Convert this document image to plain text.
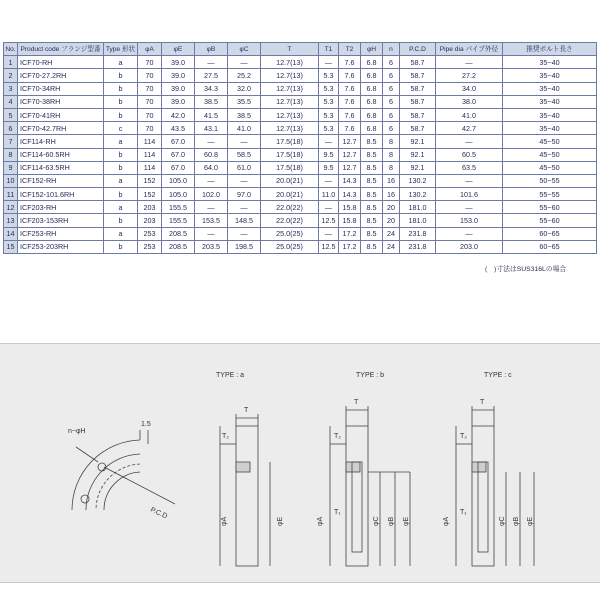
No.	Product code フランジ型番	Type 形状	φA	φE	φB	φC	T	T1	T2	φH	n	P.C.D	Pipe dia パイプ外径	推奨ボルト長さ
1	ICF70-RH	a	70	39.0	—	—	12.7(13)	—	7.6	6.8	6	58.7	—	35~40
2	ICF70-27.2RH	b	70	39.0	27.5	25.2	12.7(13)	5.3	7.6	6.8	6	58.7	27.2	35~40
3	ICF70-34RH	b	70	39.0	34.3	32.0	12.7(13)	5.3	7.6	6.8	6	58.7	34.0	35~40
4	ICF70-38RH	b	70	39.0	38.5	35.5	12.7(13)	5.3	7.6	6.8	6	58.7	38.0	35~40
5	ICF70-41RH	b	70	42.0	41.5	38.5	12.7(13)	5.3	7.6	6.8	6	58.7	41.0	35~40
6	ICF70-42.7RH	c	70	43.5	43.1	41.0	12.7(13)	5.3	7.6	6.8	6	58.7	42.7	35~40
7	ICF114-RH	a	114	67.0	—	—	17.5(18)	—	12.7	8.5	8	92.1	—	45~50
8	ICF114-60.5RH	b	114	67.0	60.8	58.5	17.5(18)	9.5	12.7	8.5	8	92.1	60.5	45~50
9	ICF114-63.5RH	b	114	67.0	64.0	61.0	17.5(18)	9.5	12.7	8.5	8	92.1	63.5	45~50
10	ICF152-RH	a	152	105.0	—	—	20.0(21)	—	14.3	8.5	16	130.2	—	50~55
11	ICF152-101.6RH	b	152	105.0	102.0	97.0	20.0(21)	11.0	14.3	8.5	16	130.2	101.6	55~55
12	ICF203-RH	a	203	155.5	—	—	22.0(22)	—	15.8	8.5	20	181.0	—	55~60
13	ICF203-153RH	b	203	155.5	153.5	148.5	22.0(22)	12.5	15.8	8.5	20	181.0	153.0	55~60
14	ICF253-RH	a	253	208.5	—	—	25.0(25)	—	17.2	8.5	24	231.8	—	60~65
15	ICF253-203RH	b	253	208.5	203.5	198.5	25.0(25)	12.5	17.2	8.5	24	231.8	203.0	60~65
(　)寸法はSUS316Lの場合
n−φH
1.5
P.C.D
TYPE : a
T
T₂
φA	φE
TYPE : b
T
T₂
T₁
φA	φC φB φE
TYPE : c
T
T₂
T₁
φA	φC φB φE
